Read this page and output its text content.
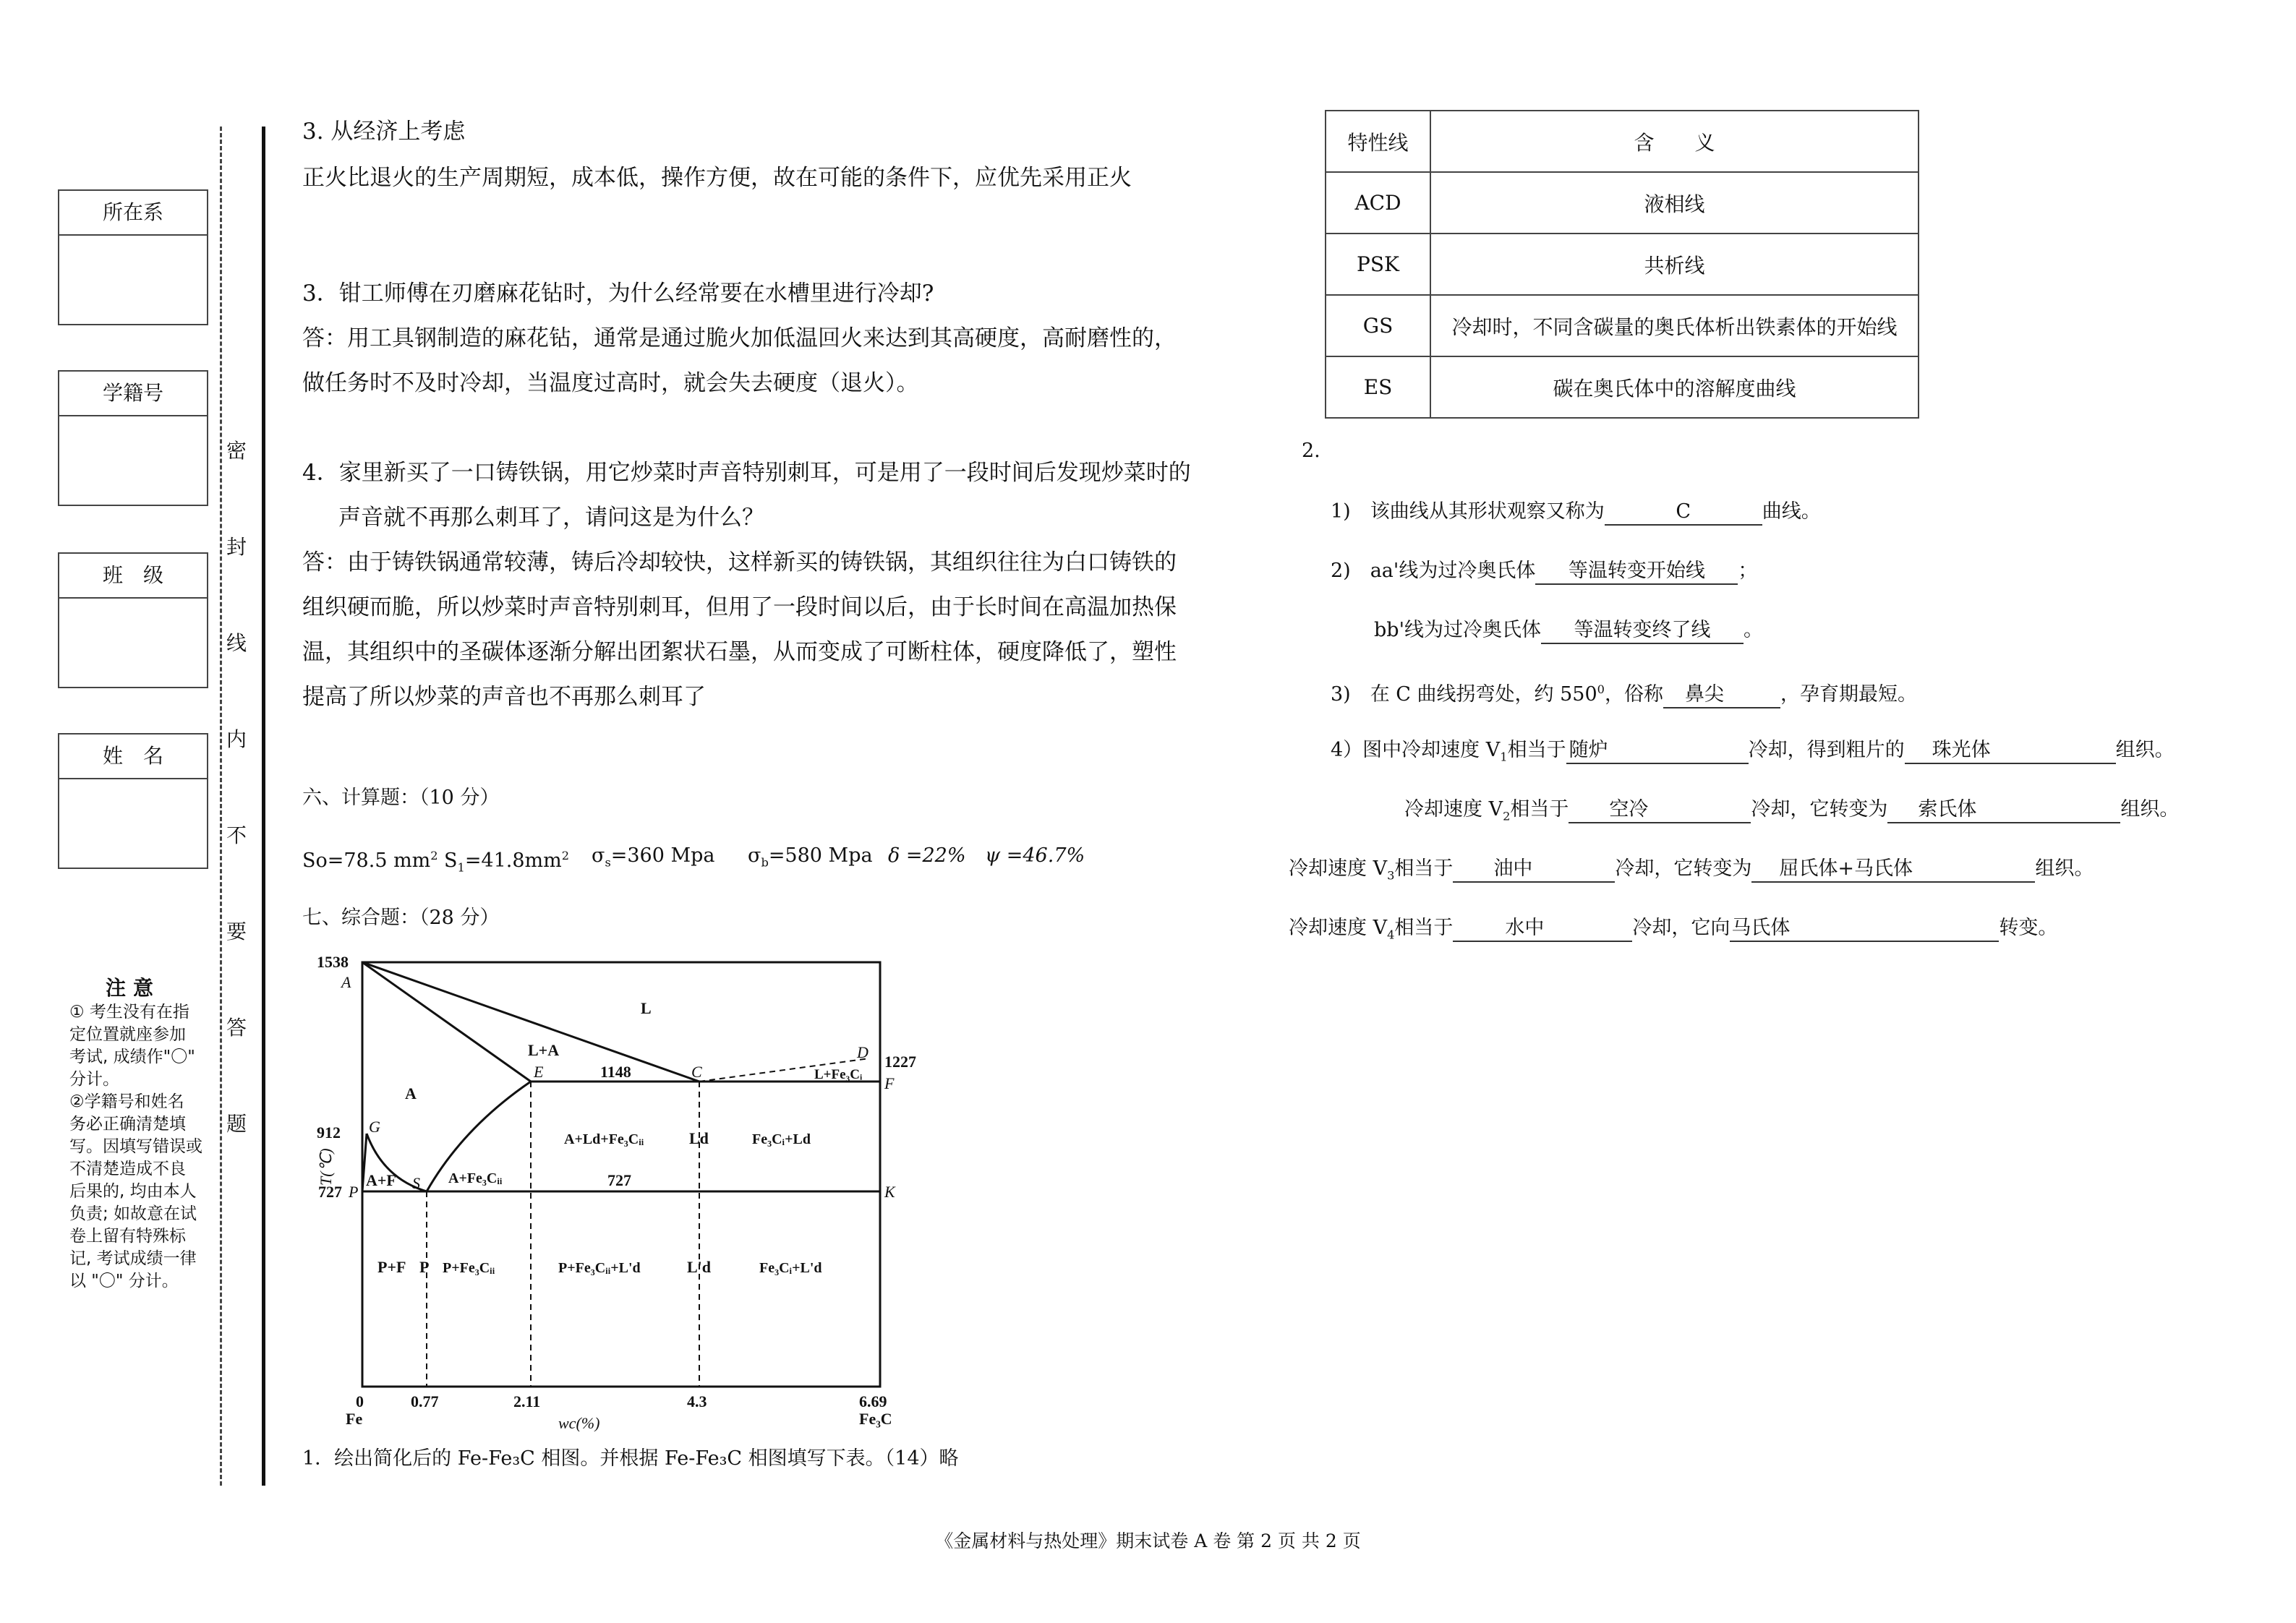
所在系
学籍号
班　级
姓　名
注意
① 考生没有在指
定位置就座参加
考试, 成绩作"〇"
分计。
②学籍号和姓名
务必正确清楚填
写。因填写错误或
不清楚造成不良
后果的, 均由本人
负责; 如故意在试
卷上留有特殊标
记, 考试成绩一律
以 "〇" 分计。
密
封
线
内
不
要
答
题
3. 从经济上考虑
正火比退火的生产周期短，成本低，操作方便，故在可能的条件下，应优先采用正火
3．钳工师傅在刃磨麻花钻时，为什么经常要在水槽里进行冷却?
答：用工具钢制造的麻花钻，通常是通过脆火加低温回火来达到其高硬度，高耐磨性的，
做任务时不及时冷却，当温度过高时，就会失去硬度（退火）。
4．家里新买了一口铸铁锅，用它炒菜时声音特别刺耳，可是用了一段时间后发现炒菜时的
声音就不再那么刺耳了，请问这是为什么？
答：由于铸铁锅通常较薄，铸后冷却较快，这样新买的铸铁锅，其组织往往为白口铸铁的
组织硬而脆，所以炒菜时声音特别刺耳，但用了一段时间以后，由于长时间在高温加热保
温，其组织中的圣碳体逐渐分解出团絮状石墨，从而变成了可断柱体，硬度降低了，塑性
提高了所以炒菜的声音也不再那么刺耳了
六、计算题：（10 分）
So=78.5 $mm^2$ $S_1=41.8mm^2$ $\sigma_s=360$ Mpa $\sigma_b=580$ Mpa δ =22% ψ =46.7%
七、综合题：（28 分）
1538
A
1227
D
F
912 G
727 P	S	K
E	C
1148
727
L
L+A
L+Fe₃Cᵢ
A
A+Ld+Fe₃Cᵢᵢ	Ld	Fe₃Cᵢ+Ld
A+F	A+Fe₃Cᵢᵢ
P+F P P+Fe₃Cᵢᵢ	P+Fe₃Cᵢᵢ+L'd	L'd	Fe₃Cᵢ+L'd
0	0.77	2.11	4.3	6.69
Fe	Fe₃C
wc(%)
T(℃)
1．绘出简化后的 Fe-Fe₃C 相图。并根据 Fe-Fe₃C 相图填写下表。（14）略
特性线	含　　义
ACD	液相线
PSK	共析线
GS	冷却时，不同含碳量的奥氏体析出铁素体的开始线
ES	碳在奥氏体中的溶解度曲线
2.
1)　该曲线从其形状观察又称为	C	曲线。
2)　aa'线为过冷奥氏体 等温转变开始线 ；
bb'线为过冷奥氏体 等温转变终了线 。
3)　在 C 曲线拐弯处，约 $550^0$，俗称 鼻尖	，孕育期最短。
4）图中冷却速度 $V_1$相当于 随炉	冷却，得到粗片的 珠光体	组织。
冷却速度 $V_2$相当于 空冷	冷却，它转变为 索氏体	组织。
冷却速度 $V_3$相当于 油中	冷却，它转变为 屈氏体+马氏体	组织。
冷却速度 $V_4$相当于	水中	冷却，它向马氏体	转变。
《金属材料与热处理》期末试卷 A 卷 第 2 页 共 2 页
